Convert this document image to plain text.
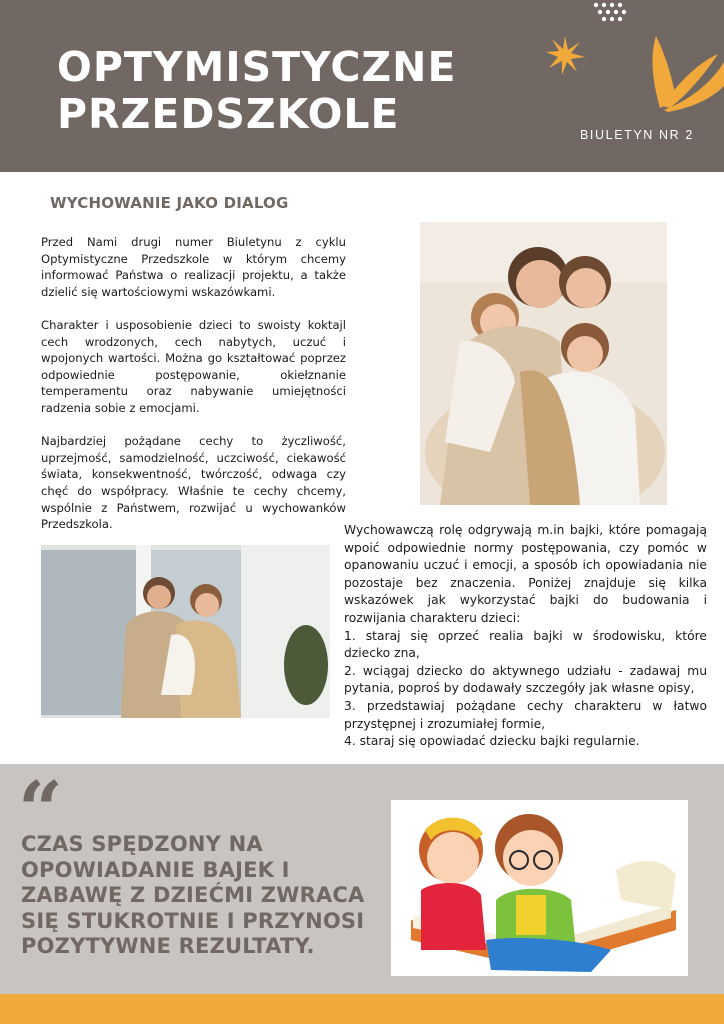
OPTYMISTYCZNE
PRZEDSZKOLE	BIULETYN NR 2
WYCHOWANIE JAKO DIALOG

Przed Nami drugi numer Biuletynu z cyklu Optymistyczne Przedszkole w którym chcemy informować Państwa o realizacji projektu, a także dzielić się wartościowymi wskazówkami.

Charakter i usposobienie dzieci to swoisty koktajl cech wrodzonych, cech nabytych, uczuć i wpojonych wartości. Można go kształtować poprzez odpowiednie postępowanie, okiełznanie temperamentu oraz nabywanie umiejętności radzenia sobie z emocjami.

Najbardziej pożądane cechy to życzliwość, uprzejmość, samodzielność, uczciwość, ciekawość świata, konsekwentność, twórczość, odwaga czy chęć do współpracy. Właśnie te cechy chcemy, wspólnie z Państwem, rozwijać u wychowanków Przedszkola.	Wychowawczą rolę odgrywają m.in bajki, które pomagają wpoić odpowiednie normy postępowania, czy pomóc w opanowaniu uczuć i emocji, a sposób ich opowiadania nie pozostaje bez znaczenia. Poniżej znajduje się kilka wskazówek jak wykorzystać bajki do budowania i rozwijania charakteru dzieci:

1. staraj się oprzeć realia bajki w środowisku, które dziecko zna,
2. wciągaj dziecko do aktywnego udziału - zadawaj mu pytania, poproś by dodawały szczegóły jak własne opisy,
3. przedstawiaj pożądane cechy charakteru w łatwo przystępnej i zrozumiałej formie,
4. staraj się opowiadać dziecku bajki regularnie.
“
CZAS SPĘDZONY NA
OPOWIADANIE BAJEK I
ZABAWĘ Z DZIEĆMI ZWRACA
SIĘ STUKROTNIE I PRZYNOSI
POZYTYWNE REZULTATY.
